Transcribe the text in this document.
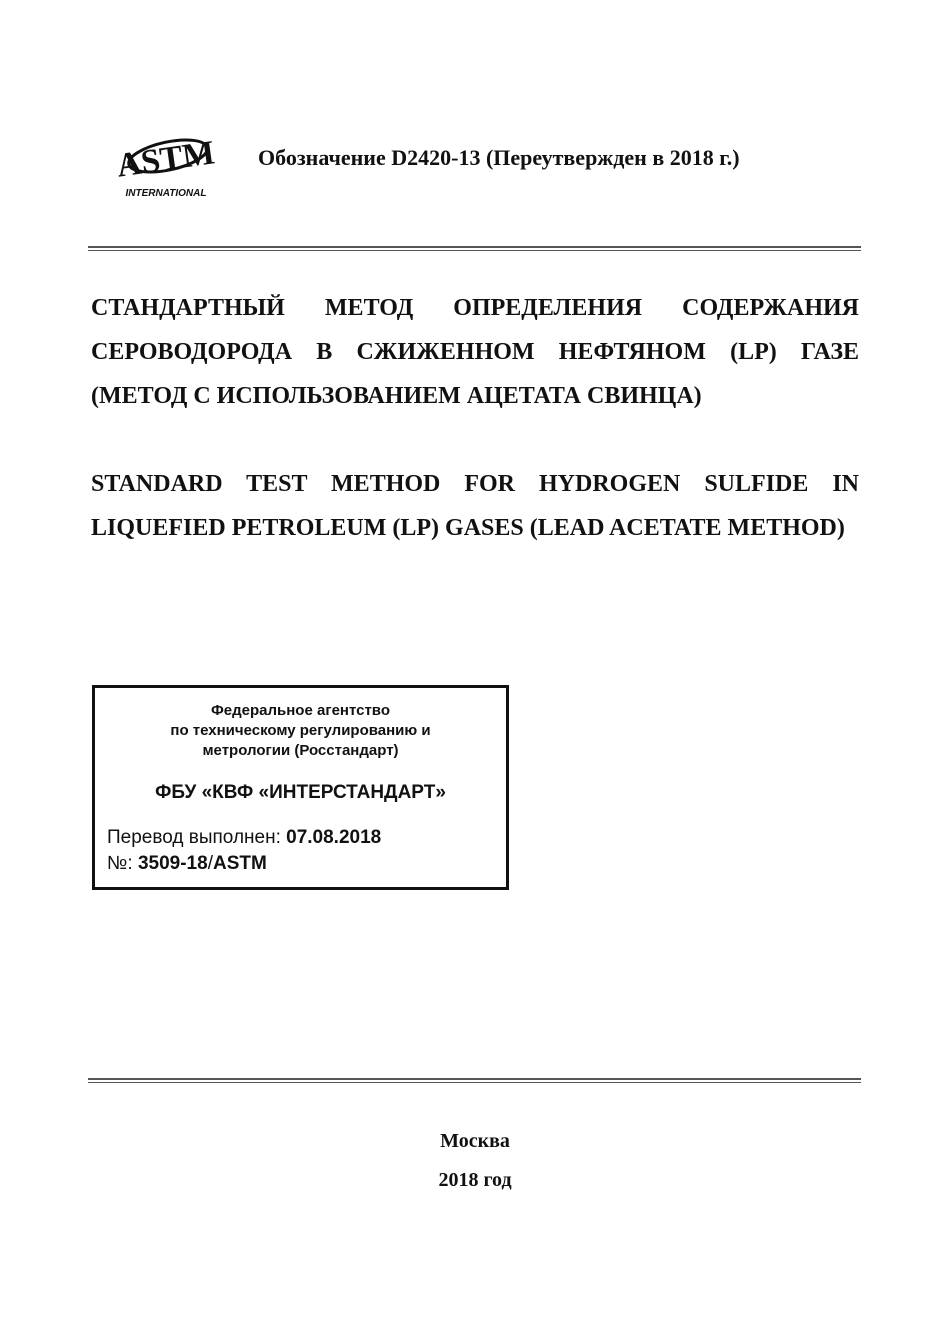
ASTM
INTERNATIONAL
Обозначение D2420-13 (Переутвержден в 2018 г.)
СТАНДАРТНЫЙ МЕТОД ОПРЕДЕЛЕНИЯ СОДЕРЖАНИЯ СЕРОВОДОРОДА В СЖИЖЕННОМ НЕФТЯНОМ (LP) ГАЗЕ (МЕТОД С ИСПОЛЬЗОВАНИЕМ АЦЕТАТА СВИНЦА)
STANDARD TEST METHOD FOR HYDROGEN SULFIDE IN LIQUEFIED PETROLEUM (LP) GASES (LEAD ACETATE METHOD)
Федеральное агентство
по техническому регулированию и
метрологии (Росстандарт)
ФБУ «КВФ «ИНТЕРСТАНДАРТ»
Перевод выполнен: 07.08.2018
№: 3509-18/ASTM
Москва
2018 год
